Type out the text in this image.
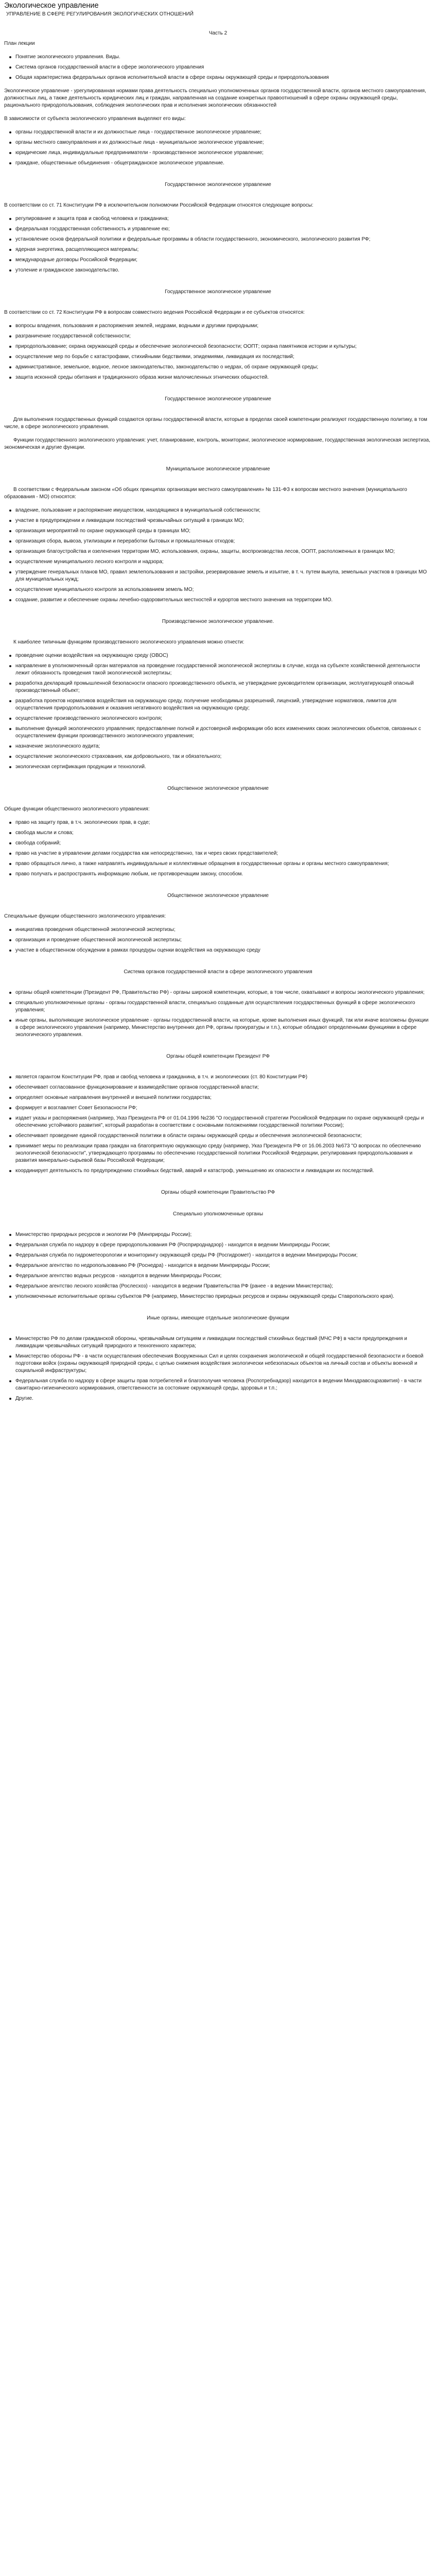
Экологическое управление
УПРАВЛЕНИЕ В СФЕРЕ РЕГУЛИРОВАНИЯ ЭКОЛОГИЧЕСКИХ ОТНОШЕНИЙ
Часть 2

План лекции

Понятие экологического управления. Виды.
Система органов государственной власти в сфере экологического управления
Общая характеристика федеральных органов исполнительной власти в сфере охраны окружающей среды и природопользования

Экологическое управление - урегулированная нормами права деятельность специально уполномоченных органов государственной власти, органов местного самоуправления, должностных лиц, а также деятельность юридических лиц и граждан, направленная на создание конкретных правоотношений в сфере охраны окружающей среды, рационального природопользования, соблюдения экологических прав и исполнения экологических обязанностей

В зависимости от субъекта экологического управления выделяют его виды:

органы государственной власти и их должностные лица - государственное экологическое управление;
органы местного самоуправления и их должностные лица - муниципальное экологическое управление;
юридические лица, индивидуальные предприниматели - производственное экологическое управление;
граждане, общественные объединения - общегражданское экологическое управление.
Государственное экологическое управление

В соответствии со ст. 71 Конституции РФ в исключительном полномочии Российской Федерации относятся следующие вопросы:

регулирование и защита прав и свобод человека и гражданина;
федеральная государственная собственность и управление ею;
установление основ федеральной политики и федеральные программы в области государственного, экономического, экологического развития РФ;
ядерная энергетика, расщепляющиеся материалы;
международные договоры Российской Федерации;
утоление и гражданское законодательство.
Государственное экологическое управление

В соответствии со ст. 72 Конституции РФ в вопросам совместного ведения Российской Федерации и ее субъектов относятся:

вопросы владения, пользования и распоряжения землей, недрами, водными и другими природными;
разграничение государственной собственности;
природопользование; охрана окружающей среды и обеспечение экологической безопасности; ООПТ; охрана памятников истории и культуры;
осуществление мер по борьбе с катастрофами, стихийными бедствиями, эпидемиями, ликвидация их последствий;
административное, земельное, водное, лесное законодательство, законодательство о недрах, об охране окружающей среды;
защита исконной среды обитания и традиционного образа жизни малочисленных этнических общностей.
Государственное экологическое управление

Для выполнения государственных функций создаются органы государственной власти, которые в пределах своей компетенции реализуют государственную политику, в том числе, в сфере экологического управления.

Функции государственного экологического управления: учет, планирование, контроль, мониторинг, экологическое нормирование, государственная экологическая экспертиза, экономическая и другие функции.

Муниципальное экологическое управление

В соответствии с Федеральным законом «Об общих принципах организации местного самоуправления» № 131-ФЗ к вопросам местного значения (муниципального образования - МО) относятся:

владение, пользование и распоряжение имуществом, находящимся в муниципальной собственности;
участие в предупреждении и ликвидации последствий чрезвычайных ситуаций в границах МО;
организация мероприятий по охране окружающей среды в границах МО;
организация сбора, вывоза, утилизации и переработки бытовых и промышленных отходов;
организация благоустройства и озеленения территории МО, использования, охраны, защиты, воспроизводства лесов, ООПТ, расположенных в границах МО;
осуществление муниципального лесного контроля и надзора;
утверждение генеральных планов МО, правил землепользования и застройки, резервирование земель и изъятие, в т. ч. путем выкупа, земельных участков в границах МО для муниципальных нужд;
осуществление муниципального контроля за использованием земель МО;
создание, развитие и обеспечение охраны лечебно-оздоровительных местностей и курортов местного значения на территории МО.
Производственное экологическое управление.

К наиболее типичным функциям производственного экологического управления можно отнести:

проведение оценки воздействия на окружающую среду (ОВОС)
направление в уполномоченный орган материалов на проведение государственной экологической экспертизы в случае, когда на субъекте хозяйственной деятельности лежит обязанность проведения такой экологической экспертизы;
разработка деклараций промышленной безопасности опасного производственного объекта, не утверждение руководителем организации, эксплуатирующей опасный производственный объект;
разработка проектов нормативов воздействия на окружающую среду, получение необходимых разрешений, лицензий, утверждение нормативов, лимитов для осуществления природопользования и оказания негативного воздействия на окружающую среду;
осуществление производственного экологического контроля;
выполнение функций экологического управления; предоставление полной и достоверной информации обо всех изменениях своих экологических объектов, связанных с осуществлением функции производственного экологического управления;
назначение экологического аудита;
осуществление экологического страхования, как добровольного, так и обязательного;
экологическая сертификация продукции и технологий.
Общественное экологическое управление

Общие функции общественного экологического управления:

право на защиту прав, в т.ч. экологических прав, в суде;
свобода мысли и слова;
свобода собраний;
право на участие в управлении делами государства как непосредственно, так и через своих представителей;
право обращаться лично, а также направлять индивидуальные и коллективные обращения в государственные органы и органы местного самоуправления;
право получать и распространять информацию любым, не противоречащим закону, способом.
Общественное экологическое управление

Специальные функции общественного экологического управления:

инициатива проведения общественной экологической экспертизы;
организация и проведение общественной экологической экспертизы;
участие в общественном обсуждении в рамках процедуры оценки воздействия на окружающую среду
Система органов государственной власти в сфере экологического управления
органы общей компетенции (Президент РФ, Правительство РФ) - органы широкой компетенции, которые, в том числе, охватывают и вопросы экологического управления;
специально уполномоченные органы - органы государственной власти, специально созданные для осуществления государственных функций в сфере экологического управления;
иные органы, выполняющие экологическое управление - органы государственной власти, на которые, кроме выполнения иных функций, так или иначе возложены функции в сфере экологического управления (например, Министерство внутренних дел РФ, органы прокуратуры и т.п.), которые обладают определенными функциями в сфере экологического управления.
Органы общей компетенции Президент РФ
является гарантом Конституции РФ, прав и свобод человека и гражданина, в т.ч. и экологических (ст. 80 Конституции РФ)
обеспечивает согласованное функционирование и взаимодействие органов государственной власти;
определяет основные направления внутренней и внешней политики государства;
формирует и возглавляет Совет Безопасности РФ;
издает указы и распоряжения (например, Указ Президента РФ от 01.04.1996 №236 "О государственной стратегии Российской Федерации по охране окружающей среды и обеспечению устойчивого развития", который разработан в соответствии с основными положениями государственной политики России);
обеспечивает проведение единой государственной политики в области охраны окружающей среды и обеспечения экологической безопасности;
принимает меры по реализации права граждан на благоприятную окружающую среду (например, Указ Президента РФ от 16.06.2003 №673 "О вопросах по обеспечению экологической безопасности", утверждающего программы по обеспечению государственной политики Российской Федерации, регулирования природопользования и развития минерально-сырьевой базы Российской Федерации;
координирует деятельность по предупреждению стихийных бедствий, аварий и катастроф, уменьшению их опасности и ликвидации их последствий.
Органы общей компетенции Правительство РФ
Специально уполномоченные органы
Министерство природных ресурсов и экологии РФ (Минприроды России);
Федеральная служба по надзору в сфере природопользования РФ (Росприроднадзор) - находится в ведении Минприроды России;
Федеральная служба по гидрометеорологии и мониторингу окружающей среды РФ (Росгидромет) - находится в ведении Минприроды России;
Федеральное агентство по недропользованию РФ (Роснедра) - находится в ведении Минприроды России;
Федеральное агентство водных ресурсов - находится в ведении Минприроды России;
Федеральное агентство лесного хозяйства (Рослесхоз) - находится в ведении Правительства РФ (ранее - в ведении Министерства);
уполномоченные исполнительные органы субъектов РФ (например, Министерство природных ресурсов и охраны окружающей среды Ставропольского края).
Иные органы, имеющие отдельные экологические функции
Министерство РФ по делам гражданской обороны, чрезвычайным ситуациям и ликвидации последствий стихийных бедствий (МЧС РФ) в части предупреждения и ликвидации чрезвычайных ситуаций природного и техногенного характера;
Министерство обороны РФ - в части осуществления обеспечения Вооруженных Сил и целях сохранения экологической и общей государственной безопасности и боевой подготовки войск (охраны окружающей природной среды, с целью снижения воздействия экологически небезопасных объектов на личный состав и объекты военной и социальной инфраструктуры;
Федеральная служба по надзору в сфере защиты прав потребителей и благополучия человека (Роспотребнадзор) находится в ведении Минздравсоцразвития) - в части санитарно-гигиенического нормирования, ответственности за состояние окружающей среды, здоровья и т.п.;
Другие.
